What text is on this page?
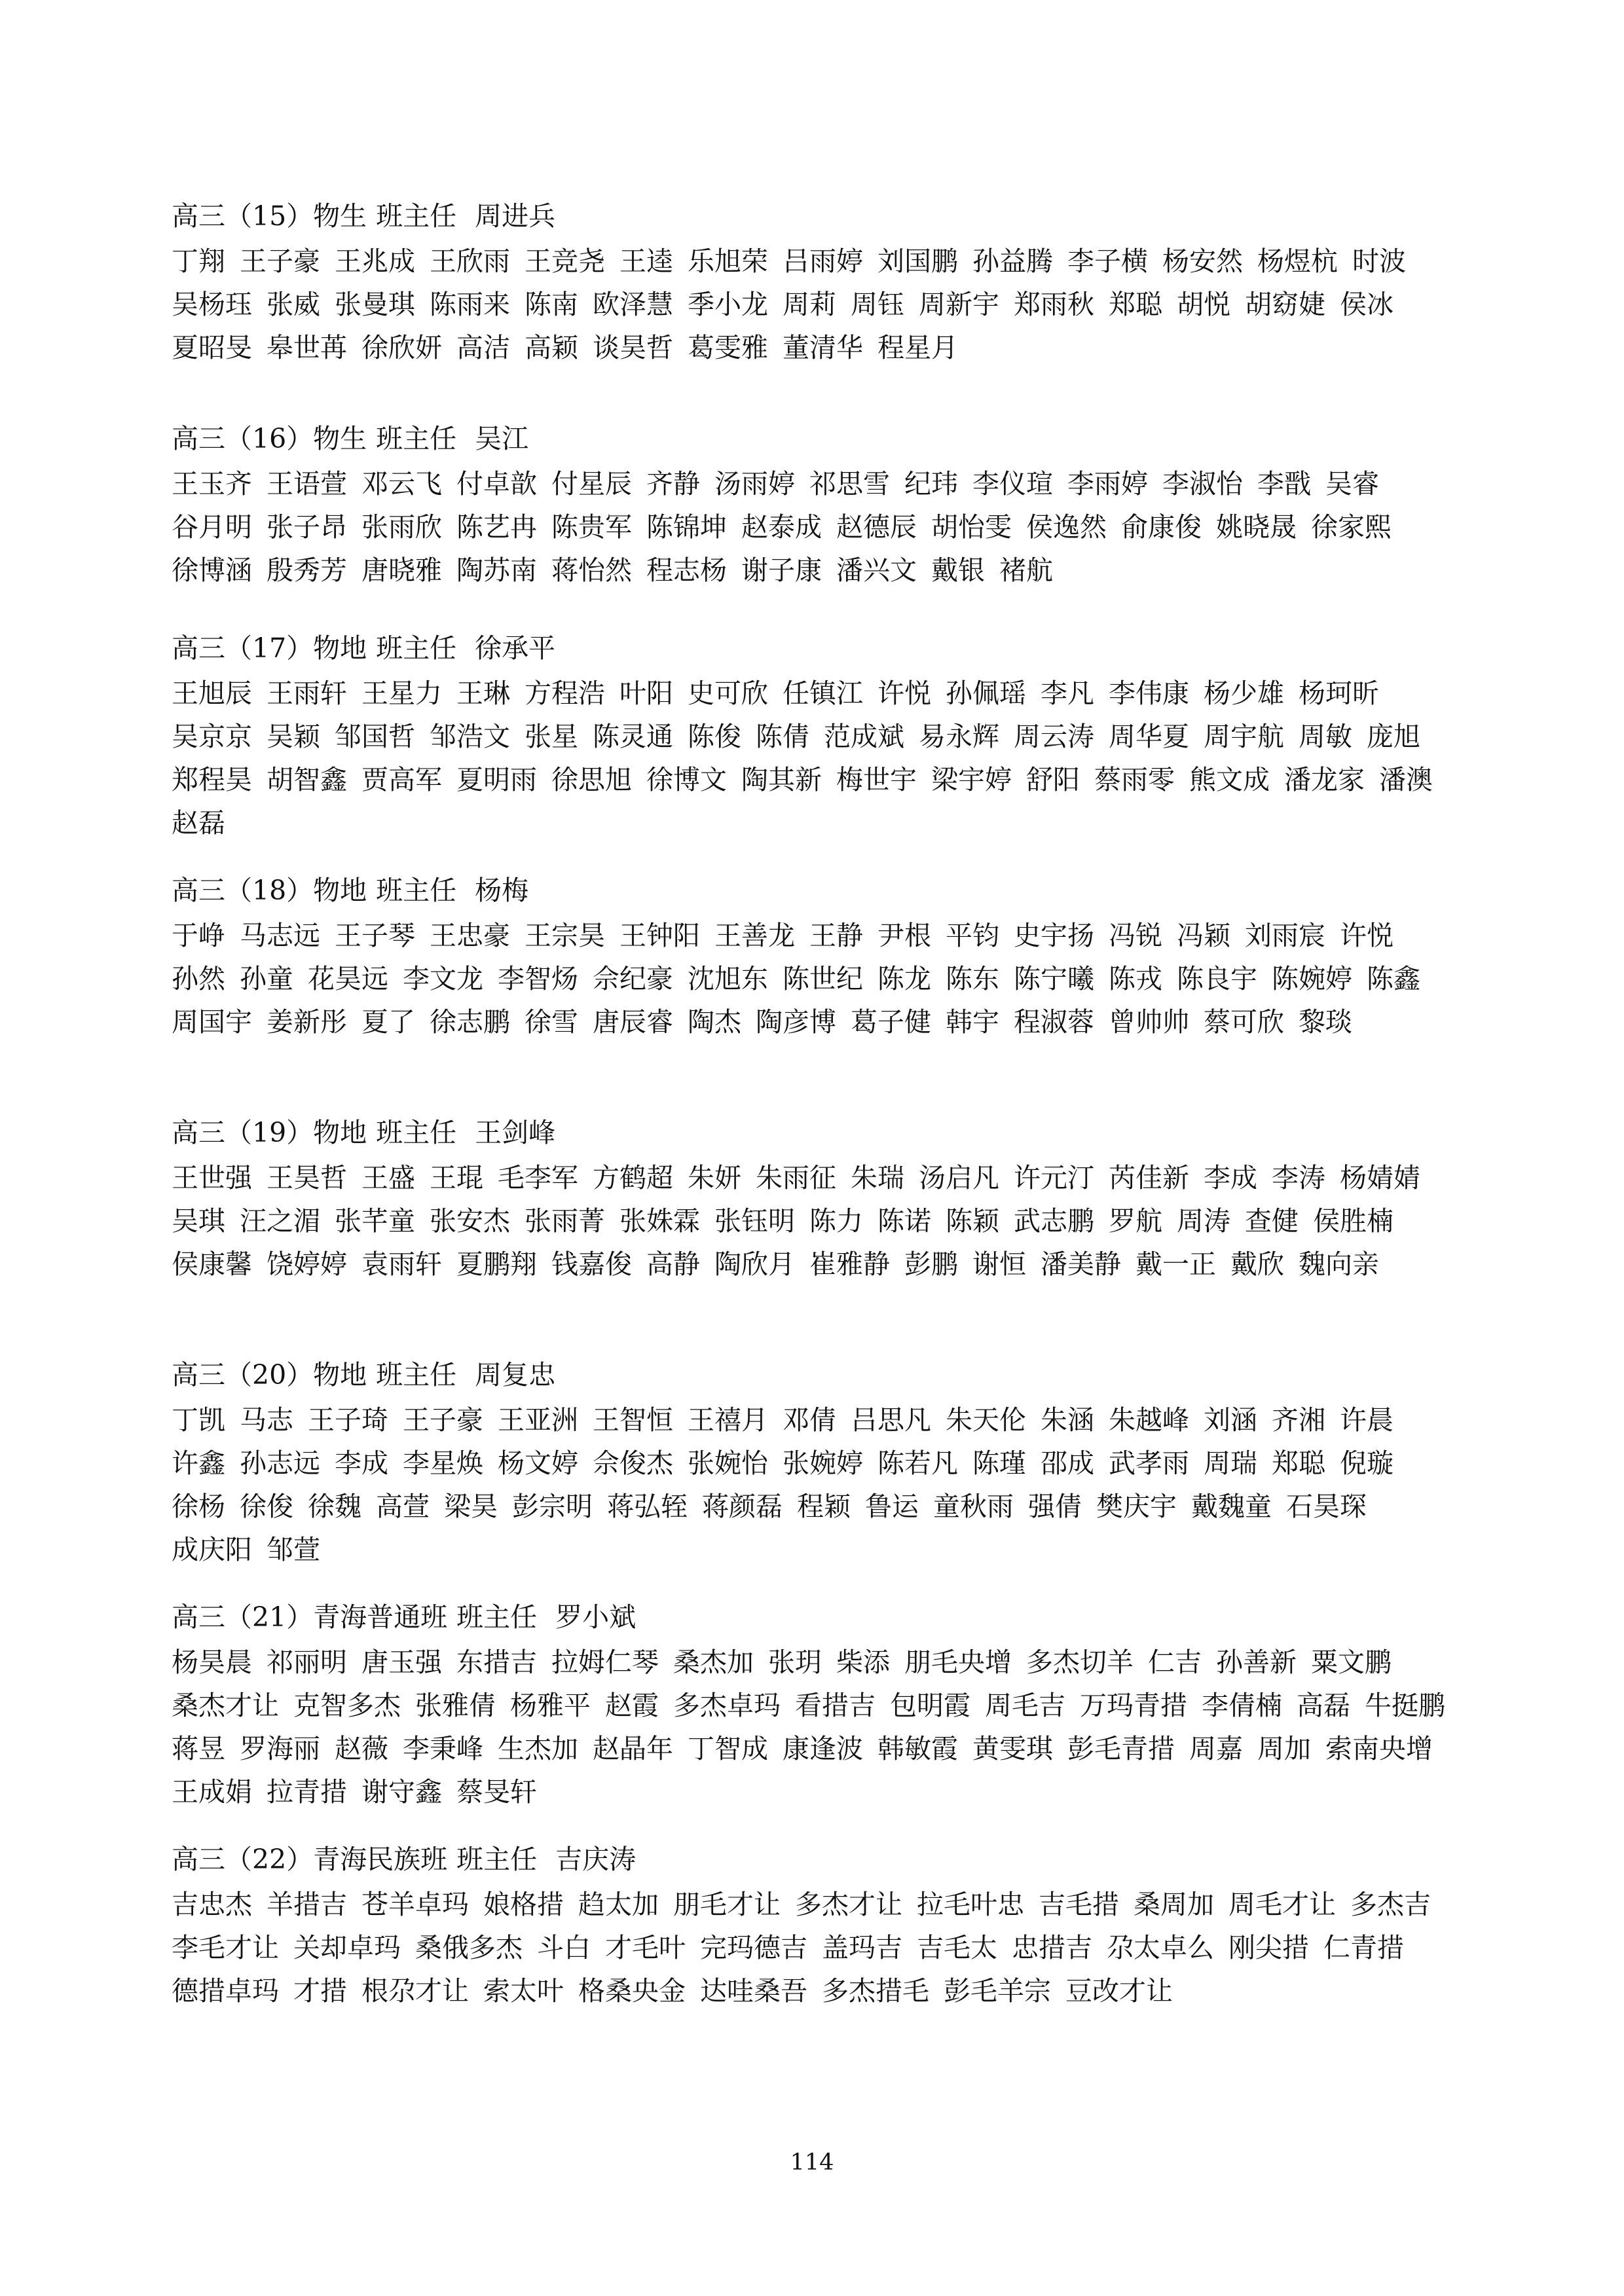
高三（15）物生 班主任 周进兵
丁翔 王子豪 王兆成 王欣雨 王竞尧 王逵 乐旭荣 吕雨婷 刘国鹏 孙益腾 李子横 杨安然 杨煜杭 时波吴杨珏 张威 张曼琪 陈雨来 陈南 欧泽慧 季小龙 周莉 周钰 周新宇 郑雨秋 郑聪 胡悦 胡窈婕 侯冰夏昭旻 皋世苒 徐欣妍 高洁 高颖 谈昊哲 葛雯雅 董清华 程星月
高三（16）物生 班主任 吴江
王玉齐 王语萱 邓云飞 付卓歆 付星辰 齐静 汤雨婷 祁思雪 纪玮 李仪瑄 李雨婷 李淑怡 李戬 吴睿谷月明 张子昂 张雨欣 陈艺冉 陈贵军 陈锦坤 赵泰成 赵德辰 胡怡雯 侯逸然 俞康俊 姚晓晟 徐家熙徐博涵 殷秀芳 唐晓雅 陶苏南 蒋怡然 程志杨 谢子康 潘兴文 戴银 褚航
高三（17）物地 班主任 徐承平
王旭辰 王雨轩 王星力 王琳 方程浩 叶阳 史可欣 任镇江 许悦 孙佩瑶 李凡 李伟康 杨少雄 杨珂昕吴京京 吴颖 邹国哲 邹浩文 张星 陈灵通 陈俊 陈倩 范成斌 易永辉 周云涛 周华夏 周宇航 周敏 庞旭郑程昊 胡智鑫 贾高军 夏明雨 徐思旭 徐博文 陶其新 梅世宇 梁宇婷 舒阳 蔡雨零 熊文成 潘龙家 潘澳赵磊
高三（18）物地 班主任 杨梅
于峥 马志远 王子琴 王忠豪 王宗昊 王钟阳 王善龙 王静 尹根 平钧 史宇扬 冯锐 冯颖 刘雨宸 许悦孙然 孙童 花昊远 李文龙 李智炀 佘纪豪 沈旭东 陈世纪 陈龙 陈东 陈宁曦 陈戎 陈良宇 陈婉婷 陈鑫周国宇 姜新彤 夏了 徐志鹏 徐雪 唐辰睿 陶杰 陶彦博 葛子健 韩宇 程淑蓉 曾帅帅 蔡可欣 黎琰
高三（19）物地 班主任 王剑峰
王世强 王昊哲 王盛 王琨 毛李军 方鹤超 朱妍 朱雨征 朱瑞 汤启凡 许元汀 芮佳新 李成 李涛 杨婧婧吴琪 汪之湄 张芊童 张安杰 张雨菁 张姝霖 张钰明 陈力 陈诺 陈颖 武志鹏 罗航 周涛 查健 侯胜楠侯康馨 饶婷婷 袁雨轩 夏鹏翔 钱嘉俊 高静 陶欣月 崔雅静 彭鹏 谢恒 潘美静 戴一正 戴欣 魏向亲
高三（20）物地 班主任 周复忠
丁凯 马志 王子琦 王子豪 王亚洲 王智恒 王禧月 邓倩 吕思凡 朱天伦 朱涵 朱越峰 刘涵 齐湘 许晨许鑫 孙志远 李成 李星焕 杨文婷 佘俊杰 张婉怡 张婉婷 陈若凡 陈瑾 邵成 武孝雨 周瑞 郑聪 倪璇徐杨 徐俊 徐魏 高萱 梁昊 彭宗明 蒋弘轾 蒋颜磊 程颖 鲁运 童秋雨 强倩 樊庆宇 戴魏童 石昊琛成庆阳 邹萱
高三（21）青海普通班 班主任 罗小斌
杨昊晨 祁丽明 唐玉强 东措吉 拉姆仁琴 桑杰加 张玥 柴添 朋毛央增 多杰切羊 仁吉 孙善新 粟文鹏桑杰才让 克智多杰 张雅倩 杨雅平 赵霞 多杰卓玛 看措吉 包明霞 周毛吉 万玛青措 李倩楠 高磊 牛挺鹏蒋昱 罗海丽 赵薇 李秉峰 生杰加 赵晶年 丁智成 康逢波 韩敏霞 黄雯琪 彭毛青措 周嘉 周加 索南央增王成娟 拉青措 谢守鑫 蔡旻轩
高三（22）青海民族班 班主任 吉庆涛
吉忠杰 羊措吉 苍羊卓玛 娘格措 趋太加 朋毛才让 多杰才让 拉毛叶忠 吉毛措 桑周加 周毛才让 多杰吉李毛才让 关却卓玛 桑俄多杰 斗白 才毛叶 完玛德吉 盖玛吉 吉毛太 忠措吉 尕太卓么 刚尖措 仁青措德措卓玛 才措 根尕才让 索太叶 格桑央金 达哇桑吾 多杰措毛 彭毛羊宗 豆改才让
114
